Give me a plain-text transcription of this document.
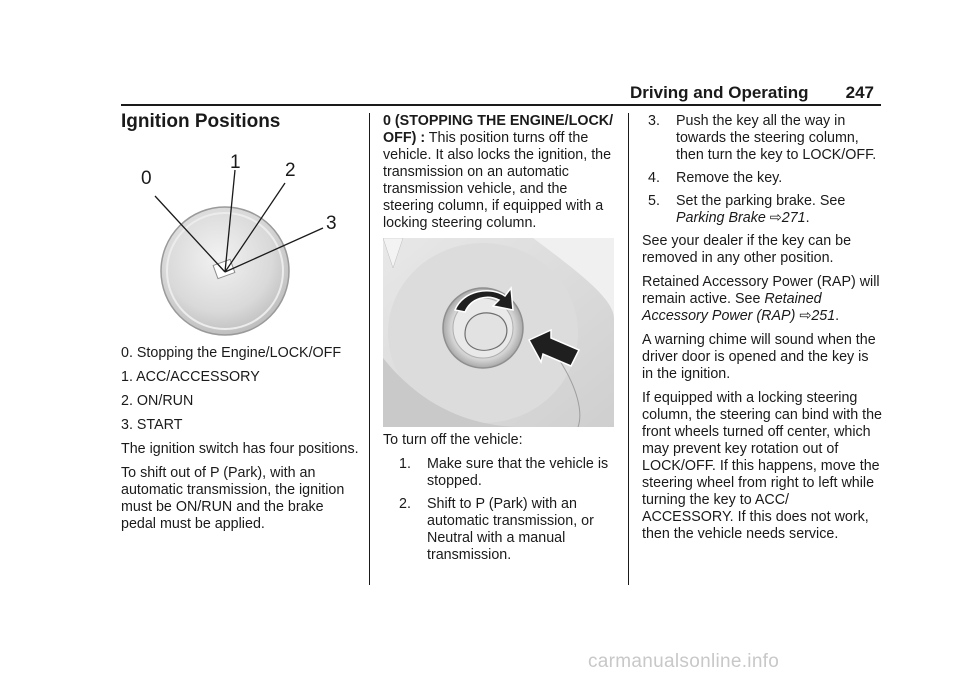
Driving and Operating 247
Ignition Positions
0
1 2
3

0. Stopping the Engine/LOCK/OFF

1. ACC/ACCESSORY

2. ON/RUN

3. START

The ignition switch has four positions.

To shift out of P (Park), with an automatic transmission, the ignition must be ON/RUN and the brake pedal must be applied.

0 (STOPPING THE ENGINE/LOCK/ OFF) : This position turns off the vehicle. It also locks the ignition, the transmission on an automatic transmission vehicle, and the steering column, if equipped with a locking steering column.

To turn off the vehicle:

1.	Make sure that the vehicle is stopped.
2.	Shift to P (Park) with an automatic transmission, or Neutral with a manual transmission.
3.	Push the key all the way in towards the steering column, then turn the key to LOCK/OFF.
4.	Remove the key.
5.	Set the parking brake. See Parking Brake ⇨271.

See your dealer if the key can be removed in any other position.

Retained Accessory Power (RAP) will remain active. See Retained Accessory Power (RAP) ⇨251.

A warning chime will sound when the driver door is opened and the key is in the ignition.

If equipped with a locking steering column, the steering can bind with the front wheels turned off center, which may prevent key rotation out of LOCK/OFF. If this happens, move the steering wheel from right to left while turning the key to ACC/ ACCESSORY. If this does not work, then the vehicle needs service.

carmanualsonline.info
